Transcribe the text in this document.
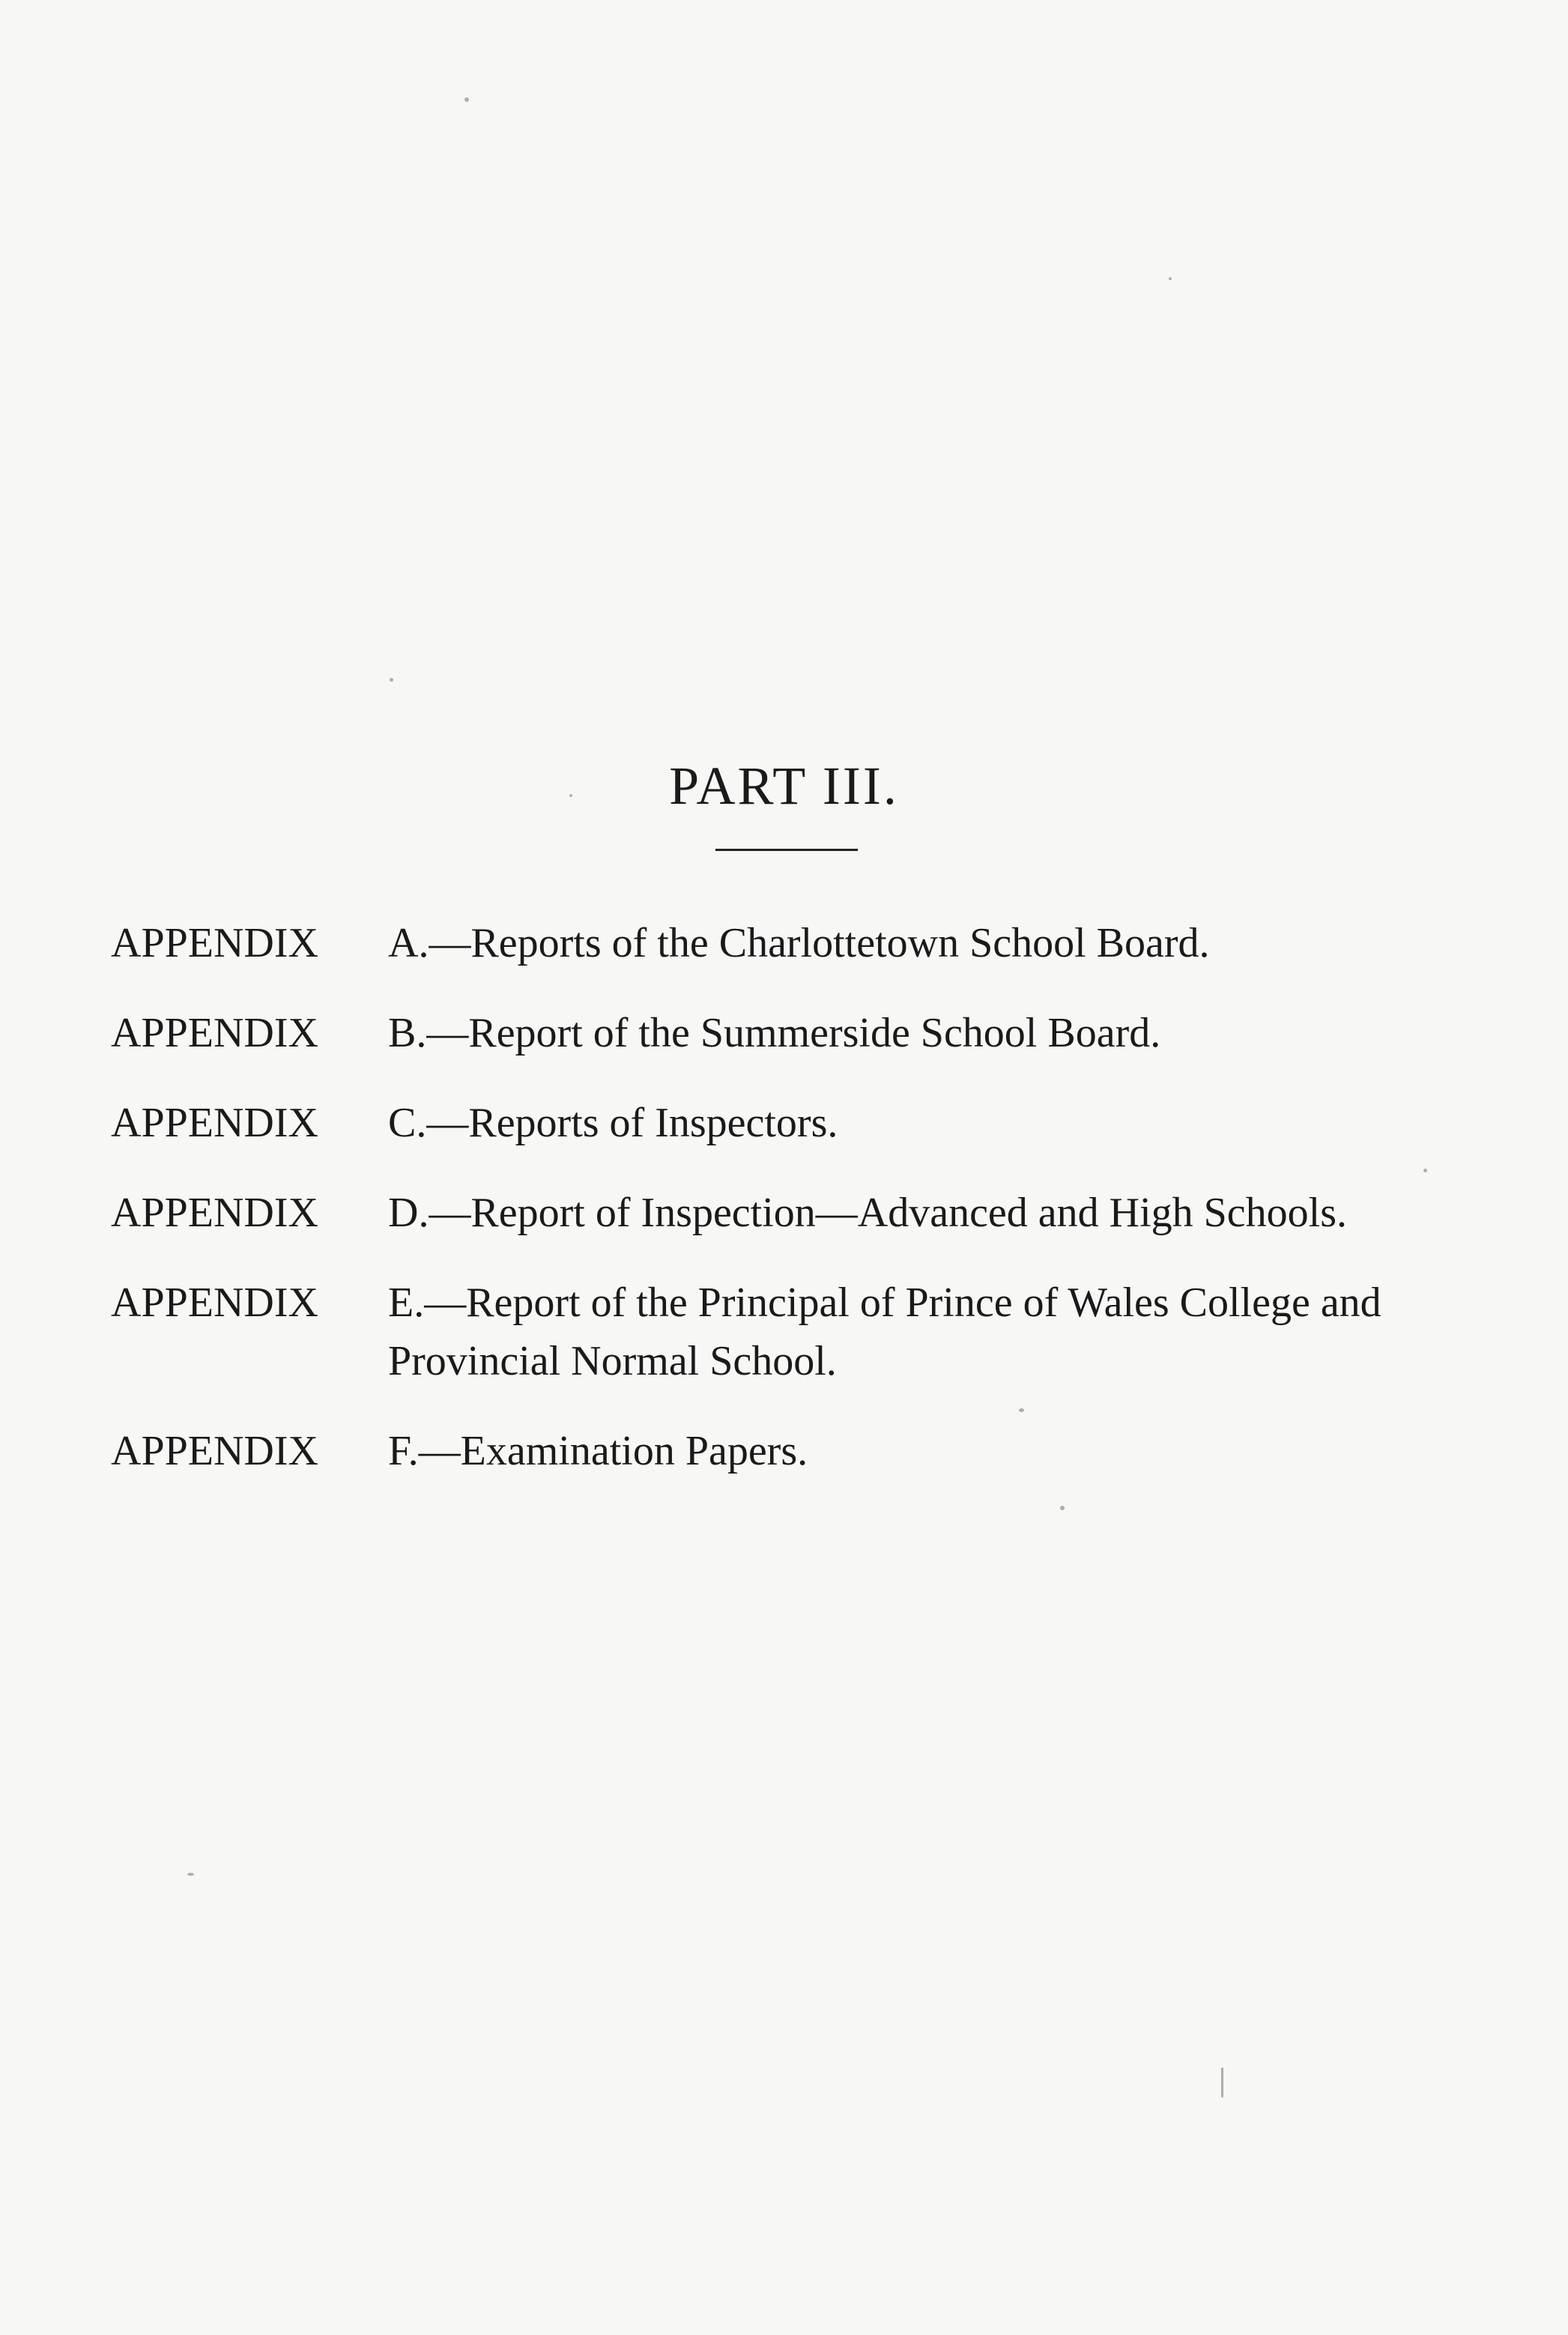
PART III.
APPENDIX	A.—Reports of the Charlottetown School Board.
APPENDIX	B.—Report of the Summerside School Board.
APPENDIX	C.—Reports of Inspectors.
APPENDIX	D.—Report of Inspection—Advanced and High Schools.
APPENDIX	E.—Report of the Principal of Prince of Wales College and Provincial Normal School.
APPENDIX	F.—Examination Papers.
